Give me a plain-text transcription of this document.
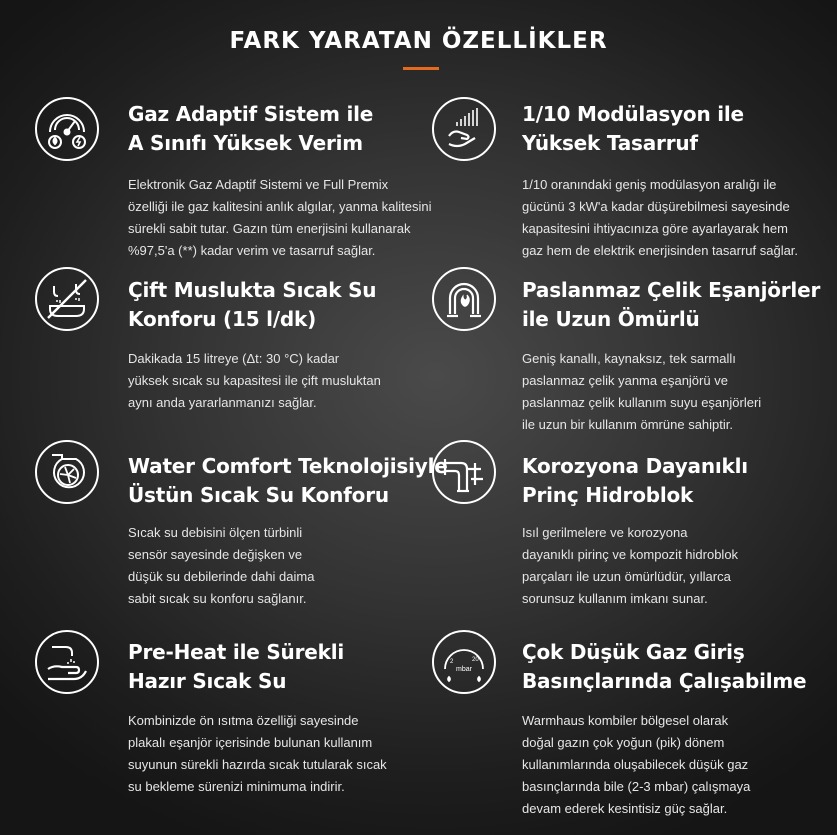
FARK YARATAN ÖZELLİKLER
Gaz Adaptif Sistem ile
A Sınıfı Yüksek Verim
Elektronik Gaz Adaptif Sistemi ve Full Premix
özelliği ile gaz kalitesini anlık algılar, yanma kalitesini
sürekli sabit tutar. Gazın tüm enerjisini kullanarak
%97,5'a (**) kadar verim ve tasarruf sağlar.
1/10 Modülasyon ile
Yüksek Tasarruf
1/10 oranındaki geniş modülasyon aralığı ile
gücünü 3 kW'a kadar düşürebilmesi sayesinde
kapasitesini ihtiyacınıza göre ayarlayarak hem
gaz hem de elektrik enerjisinden tasarruf sağlar.
Çift Muslukta Sıcak Su
Konforu (15 l/dk)
Dakikada 15 litreye (Δt: 30 °C) kadar
yüksek sıcak su kapasitesi ile çift musluktan
aynı anda yararlanmanızı sağlar.
Paslanmaz Çelik Eşanjörler
ile Uzun Ömürlü
Geniş kanallı, kaynaksız, tek sarmallı
paslanmaz çelik yanma eşanjörü ve
paslanmaz çelik kullanım suyu eşanjörleri
ile uzun bir kullanım ömrüne sahiptir.
Water Comfort Teknolojisiyle
Üstün Sıcak Su Konforu
Sıcak su debisini ölçen türbinli
sensör sayesinde değişken ve
düşük su debilerinde dahi daima
sabit sıcak su konforu sağlanır.
Korozyona Dayanıklı
Prinç Hidroblok
Isıl gerilmelere ve korozyona
dayanıklı pirinç ve kompozit hidroblok
parçaları ile uzun ömürlüdür, yıllarca
sorunsuz kullanım imkanı sunar.
Pre-Heat ile Sürekli
Hazır Sıcak Su
Kombinizde ön ısıtma özelliği sayesinde
plakalı eşanjör içerisinde bulunan kullanım
suyunun sürekli hazırda sıcak tutularak sıcak
su bekleme sürenizi minimuma indirir.
2	20
mbar
Çok Düşük Gaz Giriş
Basınçlarında Çalışabilme
Warmhaus kombiler bölgesel olarak
doğal gazın çok yoğun (pik) dönem
kullanımlarında oluşabilecek düşük gaz
basınçlarında bile (2-3 mbar) çalışmaya
devam ederek kesintisiz güç sağlar.
